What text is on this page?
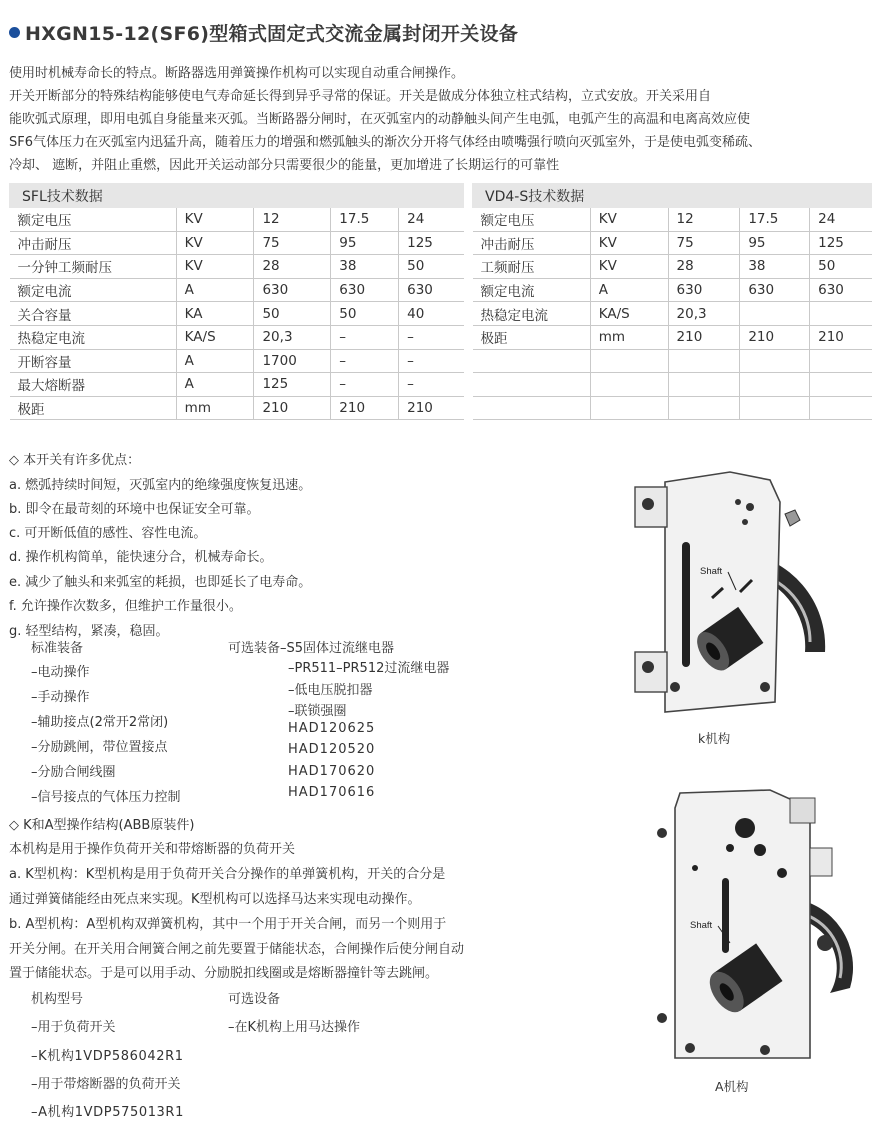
HXGN15-12(SF6)型箱式固定式交流金属封闭开关设备
使用时机械寿命长的特点。断路器选用弹簧操作机构可以实现自动重合闸操作。
开关开断部分的特殊结构能够使电气寿命延长得到异乎寻常的保证。开关是做成分体独立柱式结构，立式安放。开关采用自
能吹弧式原理，即用电弧自身能量来灭弧。当断路器分闸时，在灭弧室内的动静触头间产生电弧，电弧产生的高温和电离高效应使
SF6气体压力在灭弧室内迅猛升高，随着压力的增强和燃弧触头的渐次分开将气体经由喷嘴强行喷向灭弧室外，于是使电弧变稀疏、
冷却、 遮断，并阻止重燃，因此开关运动部分只需要很少的能量，更加增进了长期运行的可靠性
SFL技术数据				
额定电压	KV	12	17.5	24
冲击耐压	KV	75	95	125
一分钟工频耐压	KV	28	38	50
额定电流	A	630	630	630
关合容量	KA	50	50	40
热稳定电流	KA/S	20,3	–	–
开断容量	A	1700	–	–
最大熔断器	A	125	–	–
极距	mm	210	210	210
VD4-S技术数据				
额定电压	KV	12	17.5	24
冲击耐压	KV	75	95	125
工频耐压	KV	28	38	50
额定电流	A	630	630	630
热稳定电流	KA/S	20,3		
极距	mm	210	210	210

◇ 本开关有许多优点：
a. 燃弧持续时间短，灭弧室内的绝缘强度恢复迅速。
b. 即令在最苛刻的环境中也保证安全可靠。
c. 可开断低值的感性、容性电流。
d. 操作机构简单，能快速分合，机械寿命长。
e. 减少了触头和来弧室的耗损，也即延长了电寿命。
f. 允许操作次数多，但维护工作量很小。
g. 轻型结构，紧凑，稳固。
标准装备
–电动操作
–手动操作
–辅助接点(2常开2常闭)
–分励跳闸，带位置接点
–分励合闸线圈
–信号接点的气体压力控制
可选装备–S5固体过流继电器
–PR511–PR512过流继电器
–低电压脱扣器
–联锁强圈
HAD120625
HAD120520
HAD170620
HAD170616
◇ K和A型操作结构(ABB原装件)
本机构是用于操作负荷开关和带熔断器的负荷开关
a. K型机构：K型机构是用于负荷开关合分操作的单弹簧机构，开关的合分是
通过弹簧储能经由死点来实现。K型机构可以选择马达来实现电动操作。
b. A型机构：A型机构双弹簧机构，其中一个用于开关合闸，而另一个则用于
开关分闸。在开关用合闸簧合闸之前先要置于储能状态，合闸操作后使分闸自动
置于储能状态。于是可以用手动、分励脱扣线圈或是熔断器撞针等去跳闸。
机构型号
–用于负荷开关
–K机构1VDP586042R1
–用于带熔断器的负荷开关
–A机构1VDP575013R1
可选设备
–在K机构上用马达操作
Shaft
k机构
Shaft
A机构
